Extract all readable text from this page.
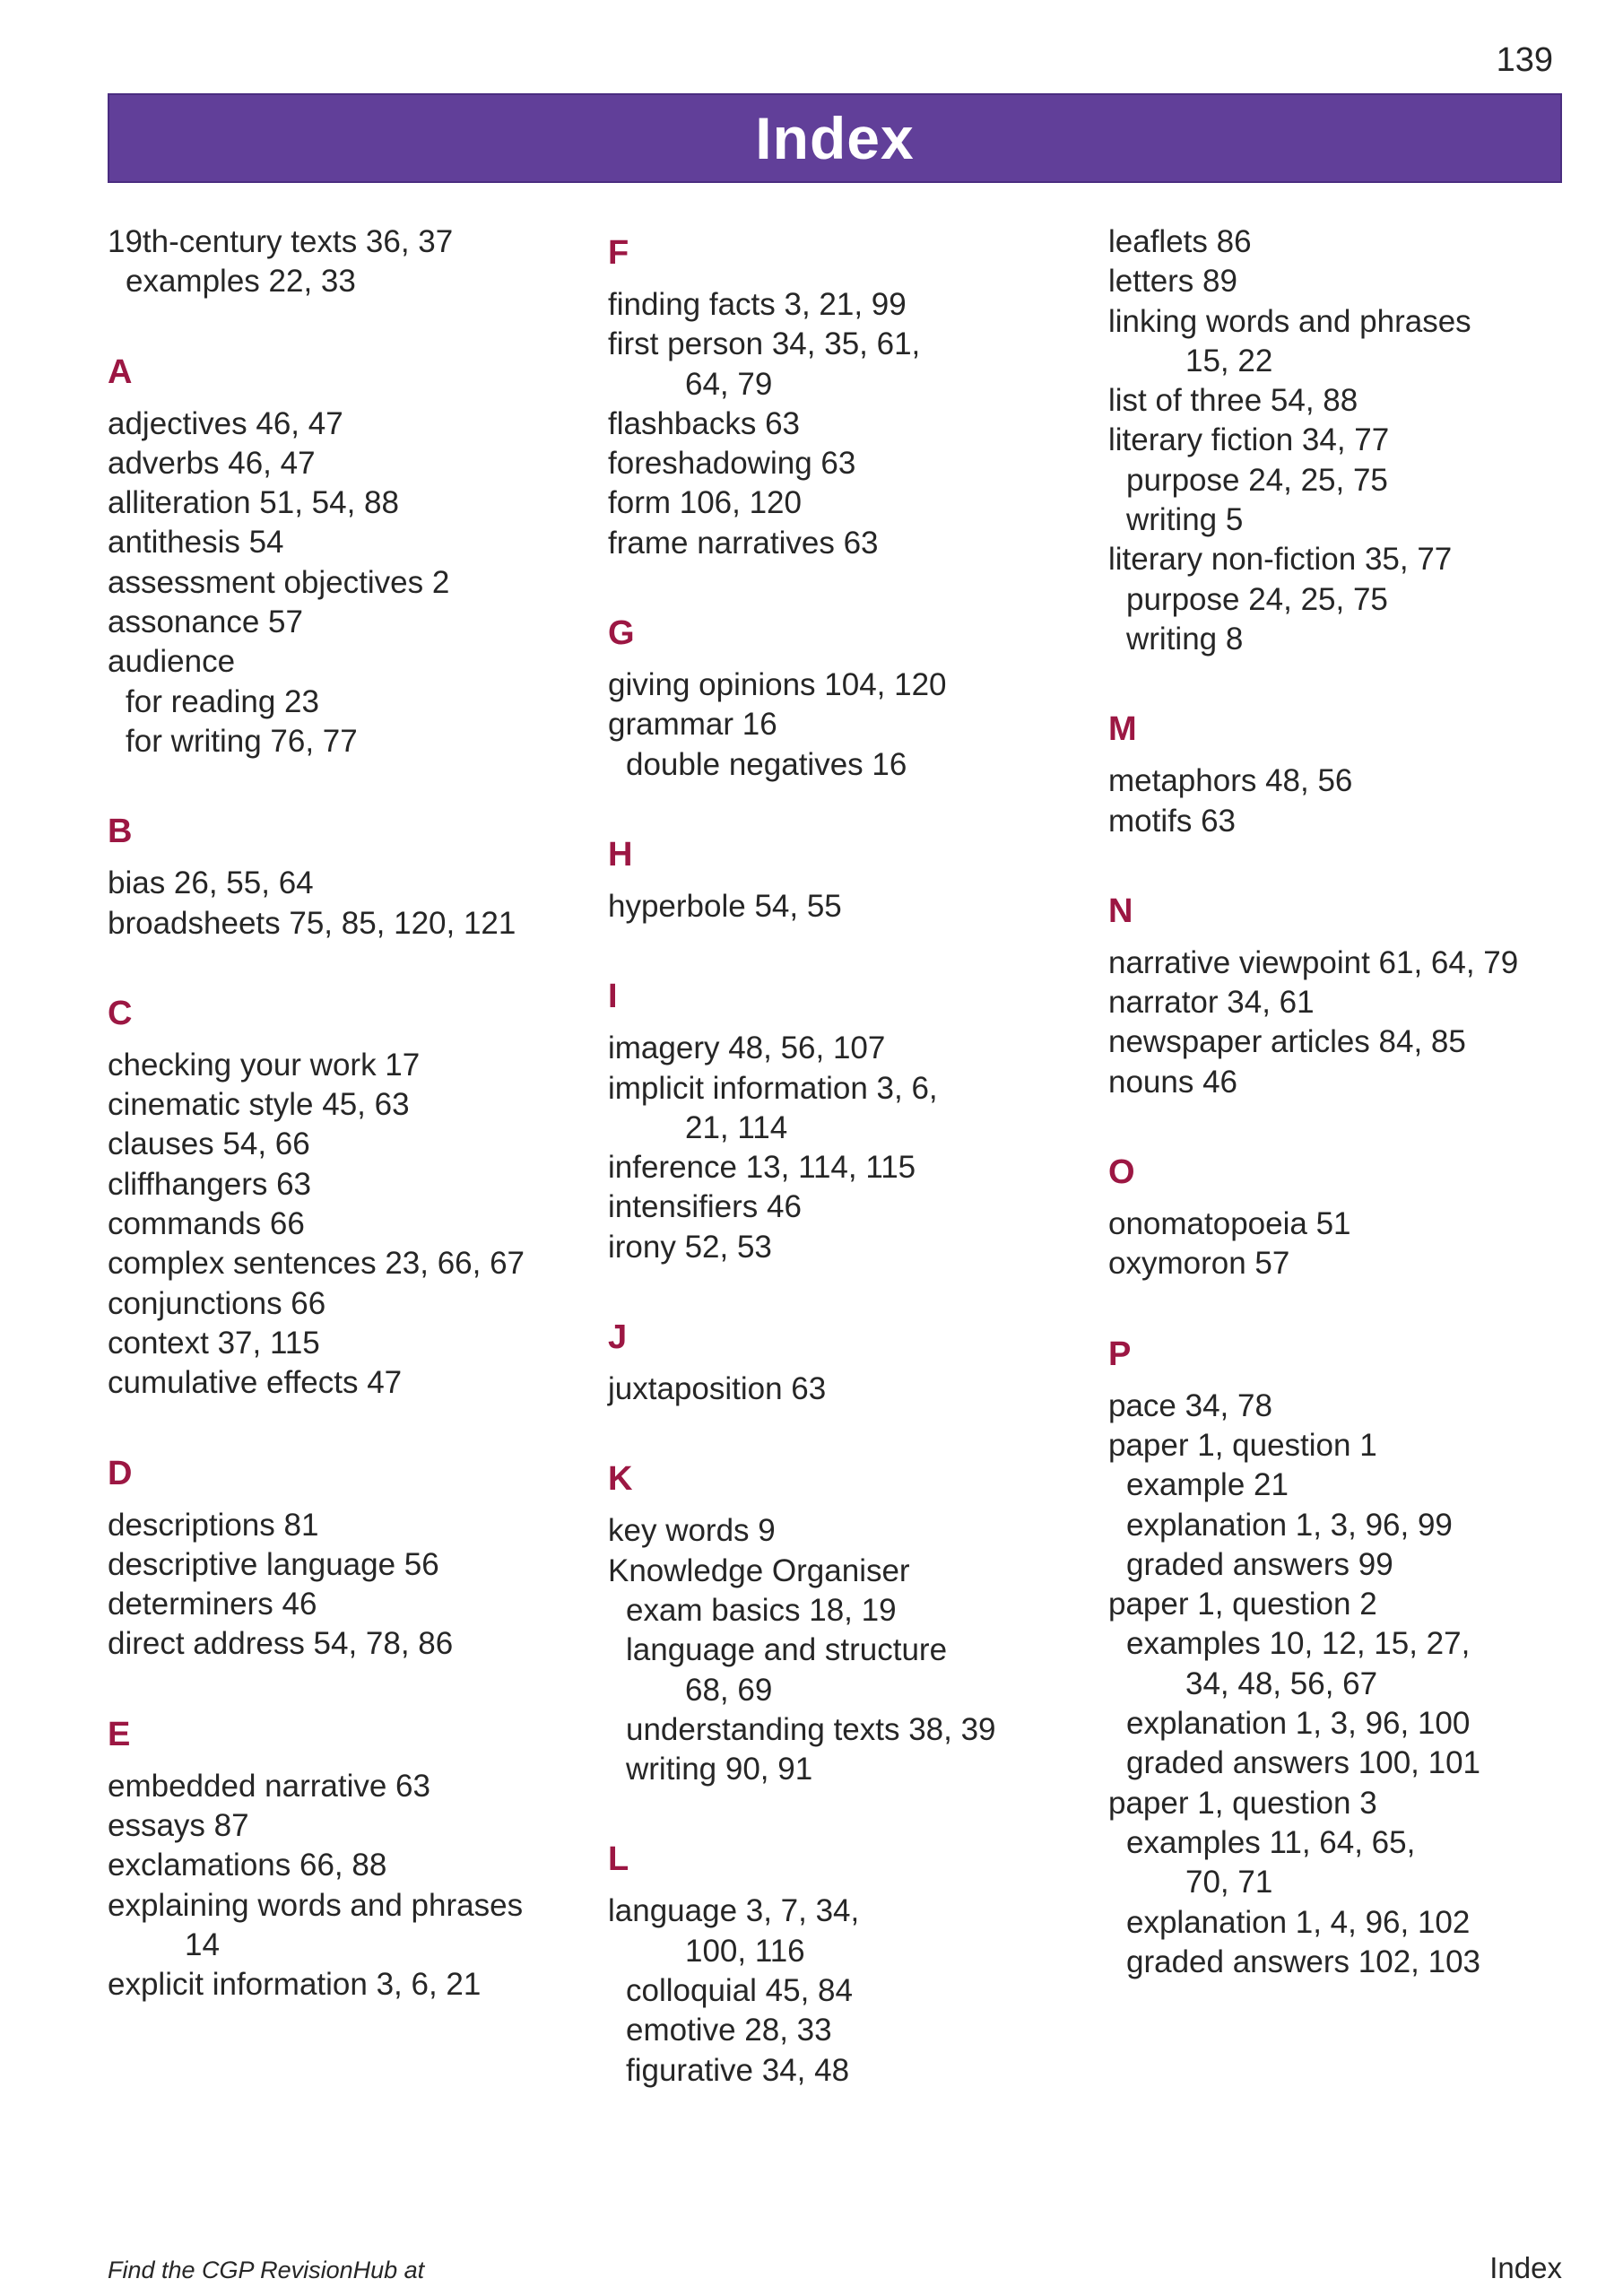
139
Index
19th-century texts 36, 37
examples 22, 33
A
adjectives 46, 47
adverbs 46, 47
alliteration 51, 54, 88
antithesis 54
assessment objectives 2
assonance 57
audience
for reading 23
for writing 76, 77
B
bias 26, 55, 64
broadsheets 75, 85, 120, 121
C
checking your work 17
cinematic style 45, 63
clauses 54, 66
cliffhangers 63
commands 66
complex sentences 23, 66, 67
conjunctions 66
context 37, 115
cumulative effects 47
D
descriptions 81
descriptive language 56
determiners 46
direct address 54, 78, 86
E
embedded narrative 63
essays 87
exclamations 66, 88
explaining words and phrases
14
explicit information 3, 6, 21
F
finding facts 3, 21, 99
first person 34, 35, 61,
64, 79
flashbacks 63
foreshadowing 63
form 106, 120
frame narratives 63
G
giving opinions 104, 120
grammar 16
double negatives 16
H
hyperbole 54, 55
I
imagery 48, 56, 107
implicit information 3, 6,
21, 114
inference 13, 114, 115
intensifiers 46
irony 52, 53
J
juxtaposition 63
K
key words 9
Knowledge Organiser
exam basics 18, 19
language and structure
68, 69
understanding texts 38, 39
writing 90, 91
L
language 3, 7, 34,
100, 116
colloquial 45, 84
emotive 28, 33
figurative 34, 48
leaflets 86
letters 89
linking words and phrases
15, 22
list of three 54, 88
literary fiction 34, 77
purpose 24, 25, 75
writing 5
literary non-fiction 35, 77
purpose 24, 25, 75
writing 8
M
metaphors 48, 56
motifs 63
N
narrative viewpoint 61, 64, 79
narrator 34, 61
newspaper articles 84, 85
nouns 46
O
onomatopoeia 51
oxymoron 57
P
pace 34, 78
paper 1, question 1
example 21
explanation 1, 3, 96, 99
graded answers 99
paper 1, question 2
examples 10, 12, 15, 27,
34, 48, 56, 67
explanation 1, 3, 96, 100
graded answers 100, 101
paper 1, question 3
examples 11, 64, 65,
70, 71
explanation 1, 4, 96, 102
graded answers 102, 103
Find the CGP RevisionHub at	Index
